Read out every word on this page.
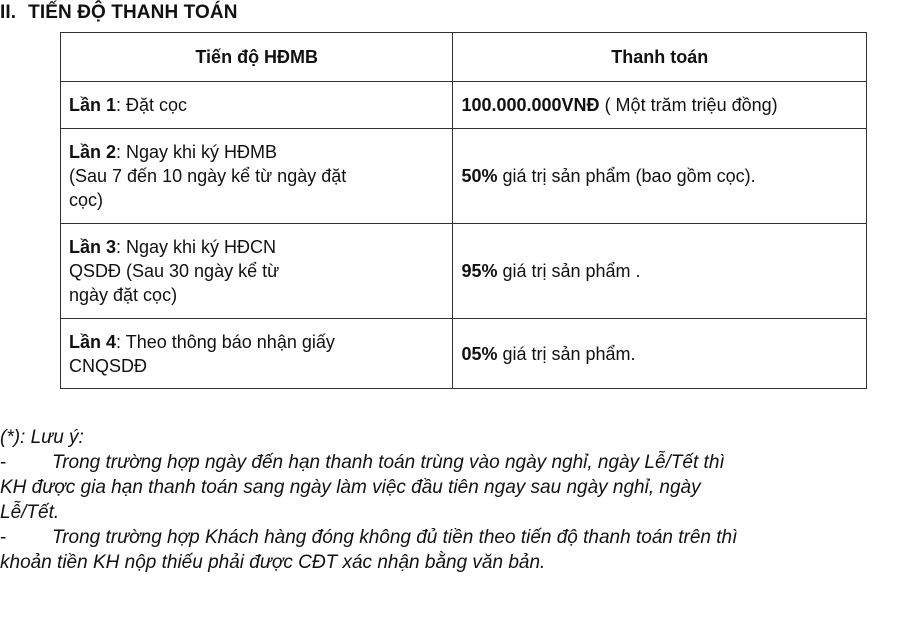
II. TIẾN ĐỘ THANH TOÁN
Tiến độ HĐMB	Thanh toán
Lần 1: Đặt cọc	100.000.000VNĐ ( Một trăm triệu đồng)
Lần 2: Ngay khi ký HĐMB
(Sau 7 đến 10 ngày kể từ ngày đặt
cọc)	50% giá trị sản phẩm (bao gồm cọc).
Lần 3: Ngay khi ký HĐCN
QSDĐ (Sau 30 ngày kể từ
ngày đặt cọc)	95% giá trị sản phẩm .
Lần 4: Theo thông báo nhận giấy
CNQSDĐ	05% giá trị sản phẩm.

(*): Lưu ý:

- Trong trường hợp ngày đến hạn thanh toán trùng vào ngày nghỉ, ngày Lễ/Tết thì

KH được gia hạn thanh toán sang ngày làm việc đầu tiên ngay sau ngày nghỉ, ngày

Lễ/Tết.

- Trong trường hợp Khách hàng đóng không đủ tiền theo tiến độ thanh toán trên thì

khoản tiền KH nộp thiếu phải được CĐT xác nhận bằng văn bản.
